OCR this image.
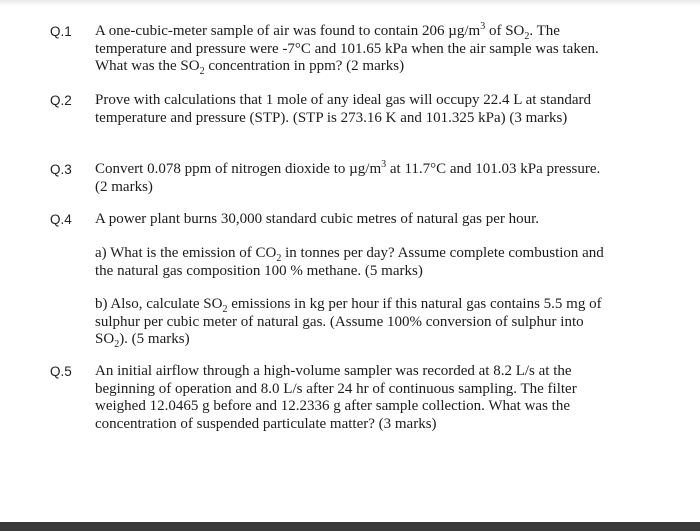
Q.1 A one-cubic-meter sample of air was found to contain 206 $\mu g/m^3$ of $SO_2$. The temperature and pressure were -7°C and 101.65 kPa when the air sample was taken. What was the $SO_2$ concentration in ppm? (2 marks)
Q.2 Prove with calculations that 1 mole of any ideal gas will occupy 22.4 L at standard temperature and pressure (STP). (STP is 273.16 K and 101.325 kPa) (3 marks)
Q.3 Convert 0.078 ppm of nitrogen dioxide to $\mu g/m^3$ at 11.7°C and 101.03 kPa pressure. (2 marks)
Q.4 A power plant burns 30,000 standard cubic metres of natural gas per hour.
a) What is the emission of $CO_2$ in tonnes per day? Assume complete combustion and the natural gas composition 100 % methane. (5 marks)
b) Also, calculate $SO_2$ emissions in kg per hour if this natural gas contains 5.5 mg of sulphur per cubic meter of natural gas. (Assume 100% conversion of sulphur into $SO_2$). (5 marks)
Q.5 An initial airflow through a high-volume sampler was recorded at 8.2 L/s at the beginning of operation and 8.0 L/s after 24 hr of continuous sampling. The filter weighed 12.0465 g before and 12.2336 g after sample collection. What was the concentration of suspended particulate matter? (3 marks)
